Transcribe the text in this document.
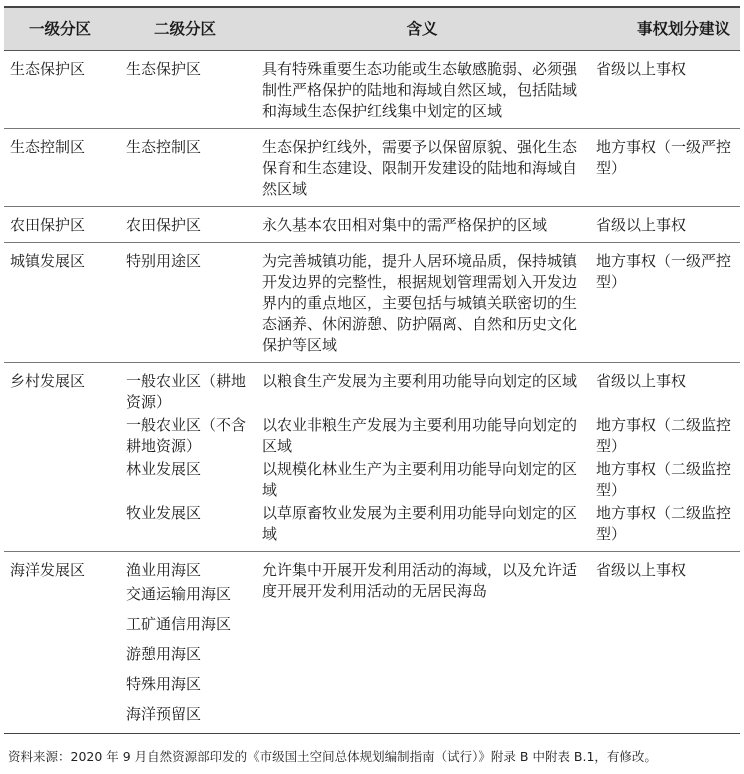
一级分区	二级分区	含义	事权划分建议
生态保护区	生态保护区	具有特殊重要生态功能或生态敏感脆弱、必须强制性严格保护的陆地和海域自然区域，包括陆域和海域生态保护红线集中划定的区域	省级以上事权
生态控制区	生态控制区	生态保护红线外，需要予以保留原貌、强化生态保育和生态建设、限制开发建设的陆地和海域自然区域	地方事权（一级严控型）
农田保护区	农田保护区	永久基本农田相对集中的需严格保护的区域	省级以上事权
城镇发展区	特别用途区	为完善城镇功能，提升人居环境品质，保持城镇开发边界的完整性，根据规划管理需划入开发边界内的重点地区，主要包括与城镇关联密切的生态涵养、休闲游憩、防护隔离、自然和历史文化保护等区域	地方事权（一级严控型）
乡村发展区	一般农业区（耕地资源）	以粮食生产发展为主要利用功能导向划定的区域	省级以上事权
	一般农业区（不含耕地资源）	以农业非粮生产发展为主要利用功能导向划定的区域	地方事权（二级监控型）
	林业发展区	以规模化林业生产为主要利用功能导向划定的区域	地方事权（二级监控型）
	牧业发展区	以草原畜牧业发展为主要利用功能导向划定的区域	地方事权（二级监控型）
海洋发展区	渔业用海区	允许集中开展开发利用活动的海域，以及允许适度开展开发利用活动的无居民海岛	省级以上事权
	交通运输用海区		
	工矿通信用海区		
	游憩用海区		
	特殊用海区		
	海洋预留区		
资料来源：2020 年 9 月自然资源部印发的《市级国土空间总体规划编制指南（试行）》附录 B 中附表 B.1，有修改。
